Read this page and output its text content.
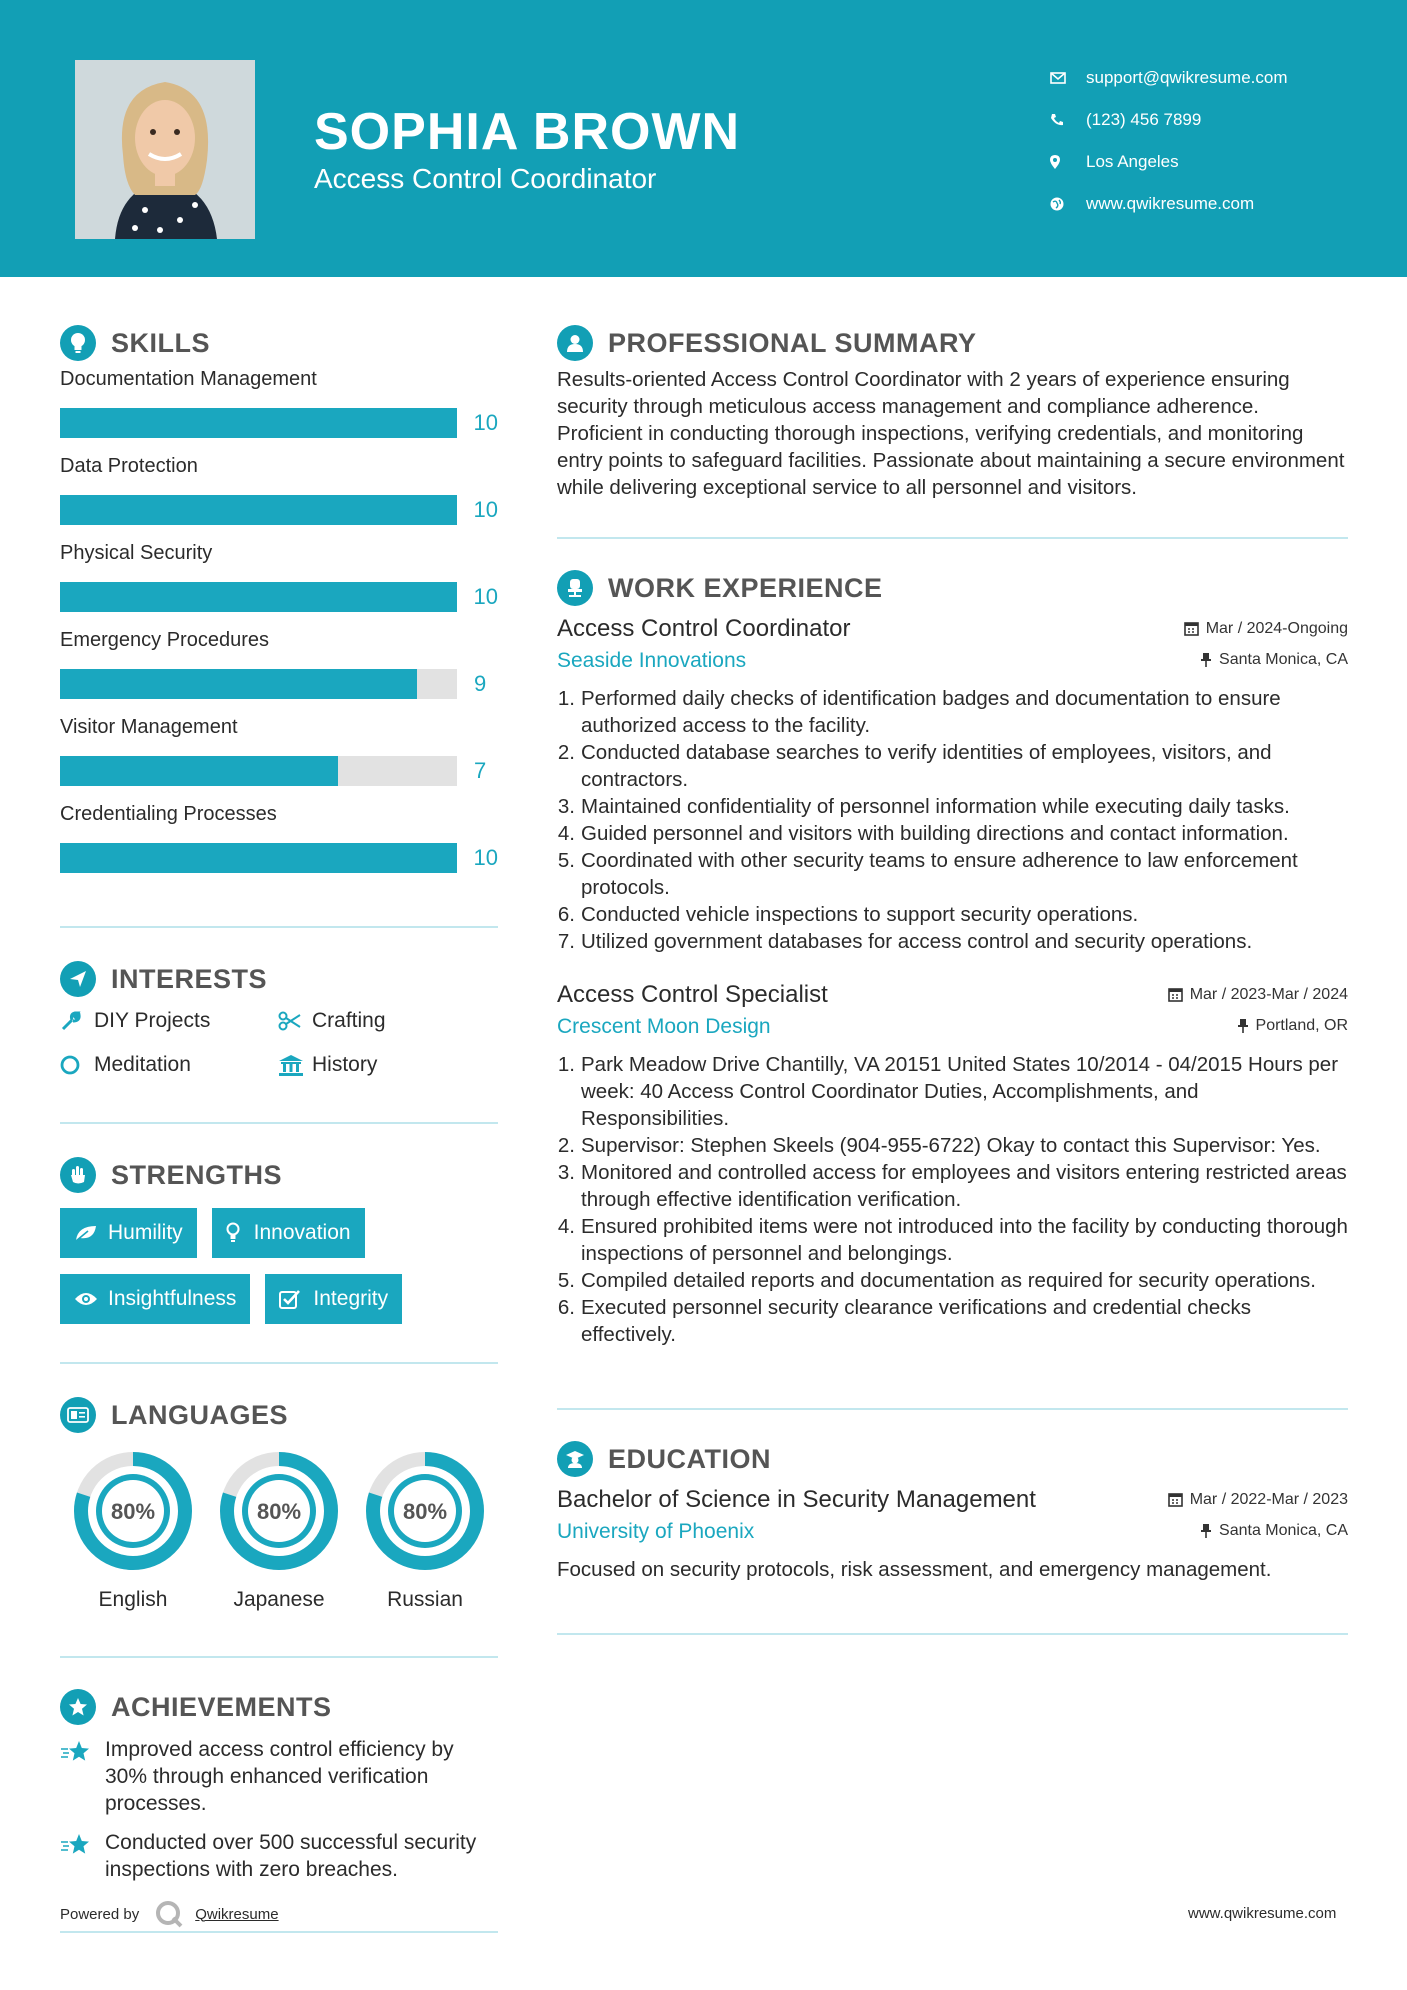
SOPHIA BROWN
Access Control Coordinator
support@qwikresume.com
(123) 456 7899
Los Angeles
www.qwikresume.com
SKILLS
Documentation Management
10
Data Protection
10
Physical Security
10
Emergency Procedures
9
Visitor Management
7
Credentialing Processes
10
INTERESTS
DIY Projects	Crafting
Meditation	History
STRENGTHS
Humility	Innovation
Insightfulness	Integrity
LANGUAGES
80%
English
80%
Japanese
80%
Russian
ACHIEVEMENTS
Improved access control efficiency by 30% through enhanced verification processes.
Conducted over 500 successful security inspections with zero breaches.
PROFESSIONAL SUMMARY
Results-oriented Access Control Coordinator with 2 years of experience ensuring security through meticulous access management and compliance adherence. Proficient in conducting thorough inspections, verifying credentials, and monitoring entry points to safeguard facilities. Passionate about maintaining a secure environment while delivering exceptional service to all personnel and visitors.
WORK EXPERIENCE
Access Control Coordinator	Mar / 2024-Ongoing
Seaside Innovations	Santa Monica, CA
1. Performed daily checks of identification badges and documentation to ensure authorized access to the facility.
2. Conducted database searches to verify identities of employees, visitors, and contractors.
3. Maintained confidentiality of personnel information while executing daily tasks.
4. Guided personnel and visitors with building directions and contact information.
5. Coordinated with other security teams to ensure adherence to law enforcement protocols.
6. Conducted vehicle inspections to support security operations.
7. Utilized government databases for access control and security operations.
Access Control Specialist	Mar / 2023-Mar / 2024
Crescent Moon Design	Portland, OR
1. Park Meadow Drive Chantilly, VA 20151 United States 10/2014 - 04/2015 Hours per week: 40 Access Control Coordinator Duties, Accomplishments, and Responsibilities.
2. Supervisor: Stephen Skeels (904-955-6722) Okay to contact this Supervisor: Yes.
3. Monitored and controlled access for employees and visitors entering restricted areas through effective identification verification.
4. Ensured prohibited items were not introduced into the facility by conducting thorough inspections of personnel and belongings.
5. Compiled detailed reports and documentation as required for security operations.
6. Executed personnel security clearance verifications and credential checks effectively.
EDUCATION
Bachelor of Science in Security Management	Mar / 2022-Mar / 2023
University of Phoenix	Santa Monica, CA
Focused on security protocols, risk assessment, and emergency management.
Powered by	Qwikresume	www.qwikresume.com
